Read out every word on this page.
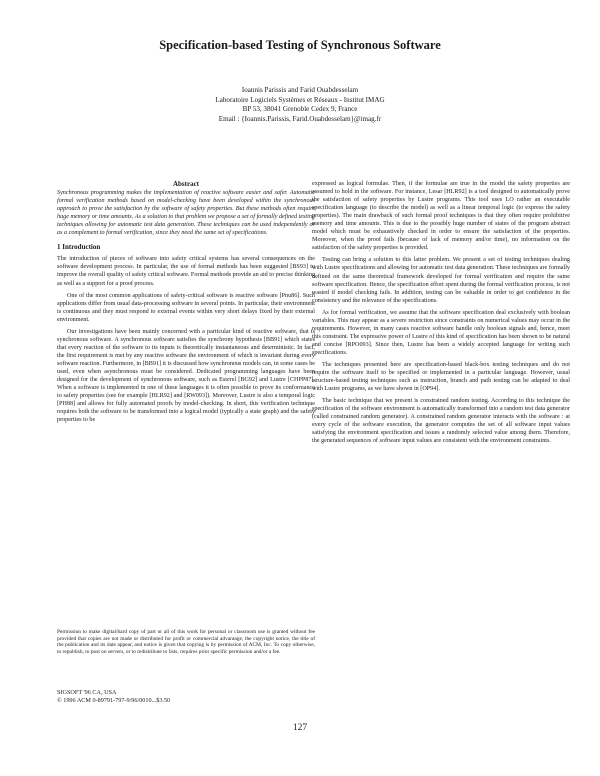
Specification-based Testing of Synchronous Software
Ioannis Parissis and Farid Ouabdesselam
Laboratoire Logiciels Systèmes et Réseaux - Institut IMAG
BP 53, 38041 Grenoble Cedex 9, France
Email : {Ioannis.Parissis, Farid.Ouabdesselam}@imag.fr
Abstract

Synchronous programming makes the implementation of reactive software easier and safer. Automatic formal verification methods based on model-checking have been developed within the synchronous approach to prove the satisfaction by the software of safety properties. But these methods often require huge memory or time amounts. As a solution to that problem we propose a set of formally defined testing techniques allowing for automatic test data generation. These techniques can be used independently or as a complement to formal verification, since they need the same set of specifications.

1 Introduction

The introduction of pieces of software into safety critical systems has several consequences on the software development process. In particular, the use of formal methods has been suggested [BS93] to improve the overall quality of safety critical software. Formal methods provide an aid to precise thinking as well as a support for a proof process.

One of the most common applications of safety-critical software is reactive software [Pnu86]. Such applications differ from usual data-processing software in several points. In particular, their environment is continuous and they must respond to external events within very short delays fixed by their external environment.

Our investigations have been mainly concerned with a particular kind of reactive software, that is synchronous software. A synchronous software satisfies the synchrony hypothesis [BB91] which states that every reaction of the software to its inputs is theoretically instantaneous and deterministic. In fact, the first requirement is met by any reactive software the environment of which is invariant during every software reaction. Furthermore, in [BB91] it is discussed how synchronous models can, in some cases be used, even when asynchronous must be considered. Dedicated programming languages have been designed for the development of synchronous software, such as Esterel [BG92] and Lustre [CHPP87]. When a software is implemented in one of these languages it is often possible to prove its conformance to safety properties (see for example [HLR92] and [RW093]). Moreover, Lustre is also a temporal logic [PH88] and allows for fully automated proofs by model-checking. In short, this verification technique requires both the software to be transformed into a logical model (typically a state graph) and the safety properties to be

expressed as logical formulae. Then, if the formulae are true in the model the safety properties are assumed to hold in the software. For instance, Lesar [HLR92] is a tool designed to automatically prove the satisfaction of safety properties by Lustre programs. This tool uses LO rather an executable specification language (to describe the model) as well as a linear temporal logic (to express the safety properties). The main drawback of such formal proof techniques is that they often require prohibitive memory and time amounts. This is due to the possibly huge number of states of the program abstract model which must be exhaustively checked in order to ensure the satisfaction of the properties. Moreover, when the proof fails (because of lack of memory and/or time), no information on the satisfaction of the safety properties is provided.

Testing can bring a solution to this latter problem. We present a set of testing techniques dealing with Lustre specifications and allowing for automatic test data generation. These techniques are formally defined on the same theoretical framework developed for formal verification and require the same software specification. Hence, the specification effort spent during the formal verification process, is not wasted if model checking fails. In addition, testing can be valuable in order to get confidence in the consistency and the relevance of the specifications.

As for formal verification, we assume that the software specification deal exclusively with boolean variables. This may appear as a severe restriction since constraints on numerical values may occur in the requirements. However, in many cases reactive software handle only boolean signals and, hence, meet this constraint. The expressive power of Lustre of this kind of specification has been shown to be natural and concise [RPO093]. Since then, Lustre has been a widely accepted language for writing such specifications.

The techniques presented here are specification-based black-box testing techniques and do not require the software itself to be specified or implemented in a particular language. However, usual structure-based testing techniques such as instruction, branch and path testing can be adapted to deal with Lustre programs, as we have shown in [OP94].

The basic technique that we present is constrained random testing. According to this technique the specification of the software environment is automatically transformed into a random test data generator (called constrained random generator). A constrained random generator interacts with the software : at every cycle of the software execution, the generator computes the set of all software input values satisfying the environment specification and issues a randomly selected value among them. Therefore, the generated sequences of software input values are consistent with the environment constraints.

Permission to make digital/hard copy of part or all of this work for personal or classroom use is granted without fee provided that copies are not made or distributed for profit or commercial advantage, the copyright notice, the title of the publication and its date appear, and notice is given that copying is by permission of ACM, Inc. To copy otherwise, to republish, to post on servers, or to redistribute to lists, requires prior specific permission and/or a fee.
SIGSOFT '96 CA, USA
© 1996 ACM 0-89791-797-9/96/0010...$3.50
127
